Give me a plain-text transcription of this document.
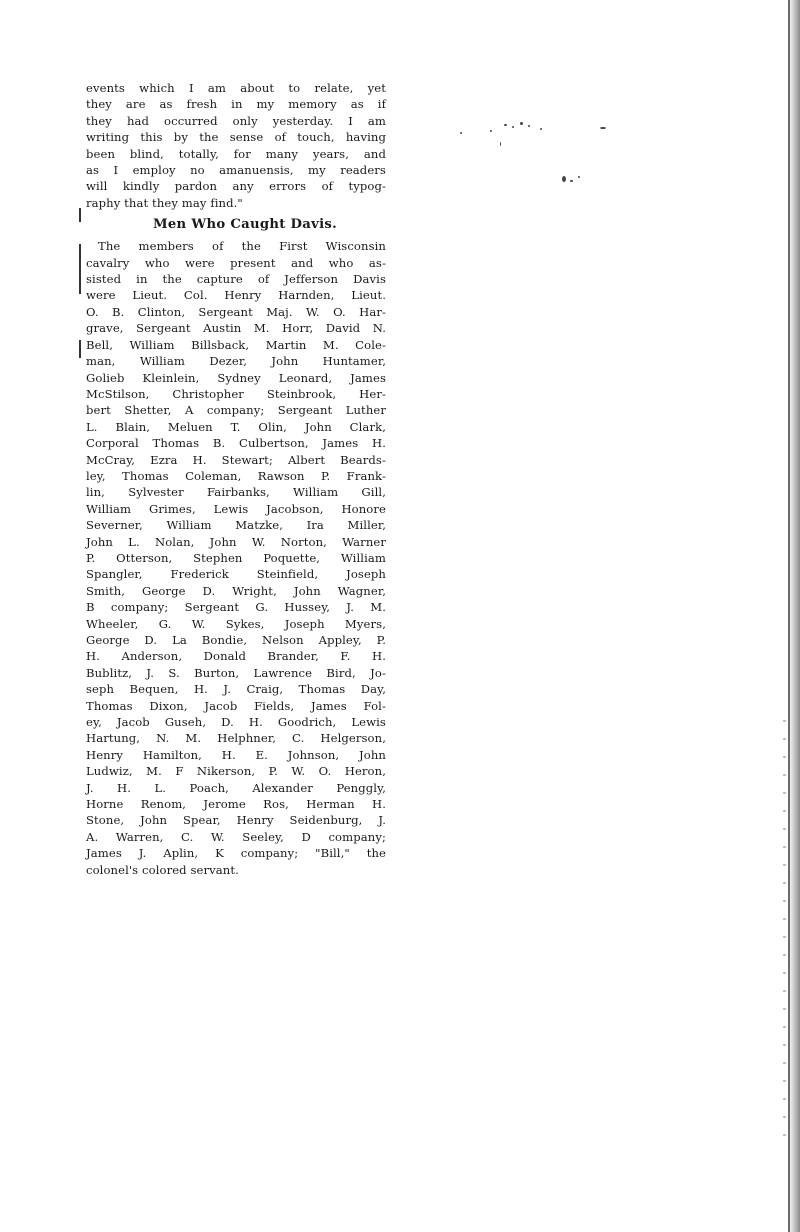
events which I am about to relate, yet
they are as fresh in my memory as if
they had occurred only yesterday. I am
writing this by the sense of touch, having
been blind, totally, for many years, and
as I employ no amanuensis, my readers
will kindly pardon any errors of typog-
raphy that they may find."

Men Who Caught Davis.

The members of the First Wisconsin
cavalry who were present and who as-
sisted in the capture of Jefferson Davis
were Lieut. Col. Henry Harnden, Lieut.
O. B. Clinton, Sergeant Maj. W. O. Har-
grave, Sergeant Austin M. Horr, David N.
Bell, William Billsback, Martin M. Cole-
man, William Dezer, John Huntamer,
Golieb Kleinlein, Sydney Leonard, James
McStilson, Christopher Steinbrook, Her-
bert Shetter, A company; Sergeant Luther
L. Blain, Meluen T. Olin, John Clark,
Corporal Thomas B. Culbertson, James H.
McCray, Ezra H. Stewart; Albert Beards-
ley, Thomas Coleman, Rawson P. Frank-
lin, Sylvester Fairbanks, William Gill,
William Grimes, Lewis Jacobson, Honore
Severner, William Matzke, Ira Miller,
John L. Nolan, John W. Norton, Warner
P. Otterson, Stephen Poquette, William
Spangler, Frederick Steinfield, Joseph
Smith, George D. Wright, John Wagner,
B company; Sergeant G. Hussey, J. M.
Wheeler, G. W. Sykes, Joseph Myers,
George D. La Bondie, Nelson Appley, P.
H. Anderson, Donald Brander, F. H.
Bublitz, J. S. Burton, Lawrence Bird, Jo-
seph Bequen, H. J. Craig, Thomas Day,
Thomas Dixon, Jacob Fields, James Fol-
ey, Jacob Guseh, D. H. Goodrich, Lewis
Hartung, N. M. Helphner, C. Helgerson,
Henry Hamilton, H. E. Johnson, John
Ludwiz, M. F Nikerson, P. W. O. Heron,
J. H. L. Poach, Alexander Penggly,
Horne Renom, Jerome Ros, Herman H.
Stone, John Spear, Henry Seidenburg, J.
A. Warren, C. W. Seeley, D company;
James J. Aplin, K company; "Bill," the
colonel's colored servant.
